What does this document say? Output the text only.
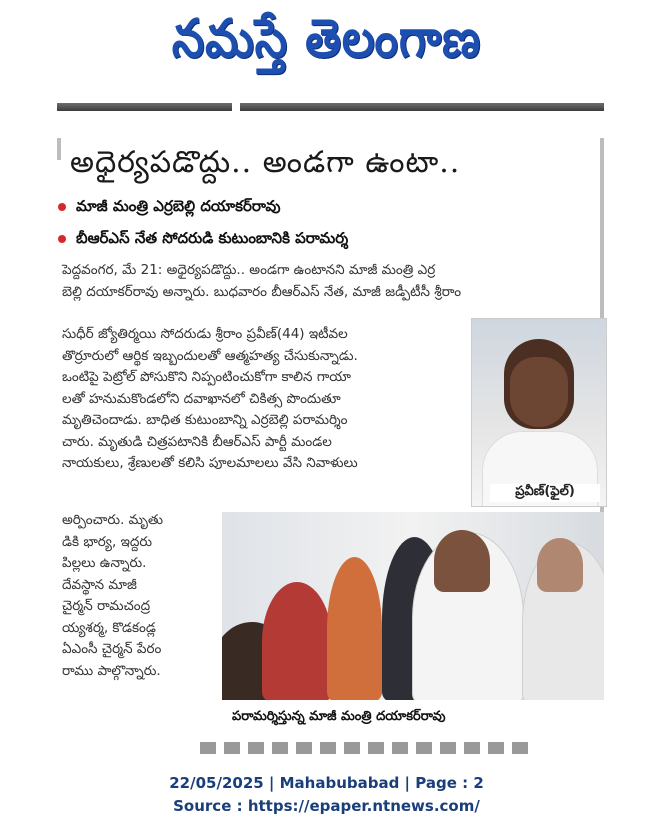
నమస్తే తెలంగాణ
అధైర్యపడొద్దు.. అండగా ఉంటా..
మాజీ మంత్రి ఎర్రబెల్లి దయాకర్‌రావు
బీఆర్‌ఎస్‌ నేత సోదరుడి కుటుంబానికి పరామర్శ
పెద్దవంగర, మే 21: అధైర్యపడొద్దు.. అండగా ఉంటానని మాజీ మంత్రి ఎర్ర
బెల్లి దయాకర్‌రావు అన్నారు. బుధవారం బీఆర్‌ఎస్‌ నేత, మాజీ జడ్పీటీసీ శ్రీరాం
సుధీర్‌ జ్యోతిర్మయి సోదరుడు శ్రీరాం ప్రవీణ్‌(44) ఇటీవల
తొర్రూరులో ఆర్థిక ఇబ్బందులతో ఆత్మహత్య చేసుకున్నాడు.
ఒంటిపై పెట్రోల్‌ పోసుకొని నిప్పంటించుకోగా కాలిన గాయా
లతో హనుమకొండలోని దవాఖానలో చికిత్స పొందుతూ
మృతిచెందాడు. బాధిత కుటుంబాన్ని ఎర్రబెల్లి పరామర్శిం
చారు. మృతుడి చిత్రపటానికి బీఆర్‌ఎస్‌ పార్టీ మండల
నాయకులు, శ్రేణులతో కలిసి పూలమాలలు వేసి నివాళులు
ప్రవీణ్‌(ఫైల్‌)
అర్పించారు. మృతు
డికి భార్య, ఇద్దరు
పిల్లలు ఉన్నారు.
దేవస్థాన మాజీ
చైర్మన్‌ రామచంద్ర
య్యశర్మ, కొడకండ్ల
ఏఎంసీ చైర్మన్‌ పేరం
రాము పాల్గొన్నారు.
పరామర్శిస్తున్న మాజీ మంత్రి దయాకర్‌రావు
22/05/2025 | Mahabubabad | Page : 2
Source : https://epaper.ntnews.com/
